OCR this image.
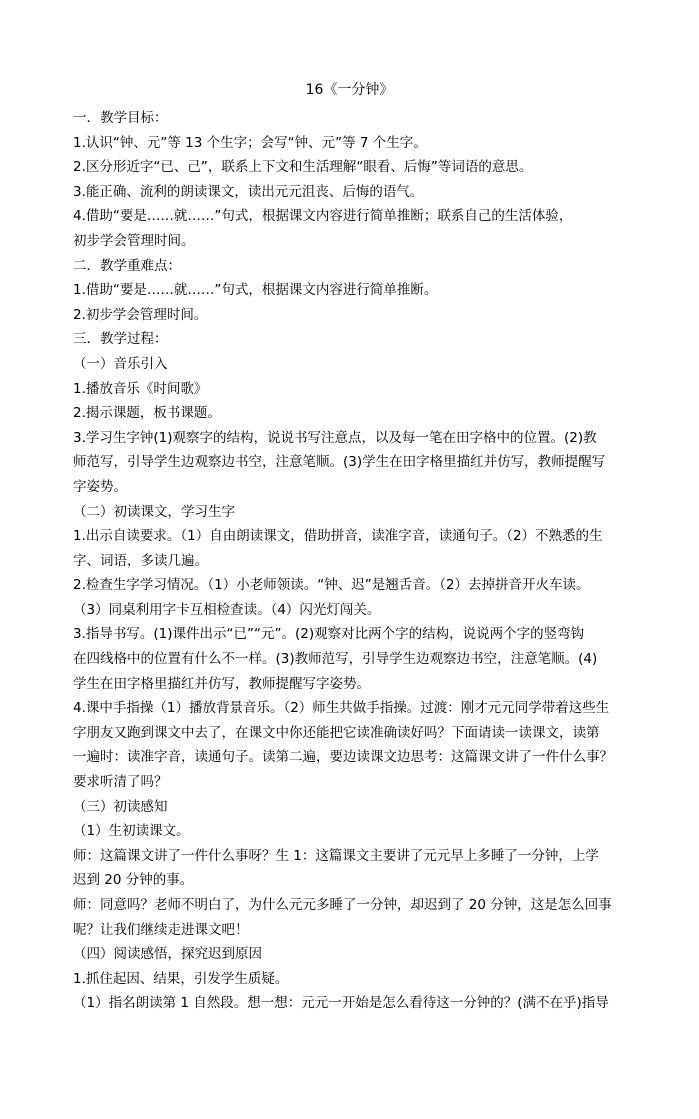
16《一分钟》
一．教学目标：
1.认识“钟、元”等 13 个生字；会写“钟、元”等 7 个生字。
2.区分形近字“已、己”，联系上下文和生活理解“眼看、后悔”等词语的意思。
3.能正确、流利的朗读课文，读出元元沮丧、后悔的语气。
4.借助“要是……就……”句式，根据课文内容进行简单推断；联系自己的生活体验，
初步学会管理时间。
二．教学重难点：
1.借助“要是……就……”句式，根据课文内容进行简单推断。
2.初步学会管理时间。
三．教学过程：
（一）音乐引入
1.播放音乐《时间歌》
2.揭示课题，板书课题。
3.学习生字钟(1)观察字的结构，说说书写注意点，以及每一笔在田字格中的位置。(2)教
师范写，引导学生边观察边书空，注意笔顺。(3)学生在田字格里描红并仿写，教师提醒写
字姿势。
（二）初读课文，学习生字
1.出示自读要求。（1）自由朗读课文，借助拼音，读准字音，读通句子。（2）不熟悉的生
字、词语，多读几遍。
2.检查生字学习情况。（1）小老师领读。“钟、迟”是翘舌音。（2）去掉拼音开火车读。
（3）同桌利用字卡互相检查读。（4）闪光灯闯关。
3.指导书写。(1)课件出示“已”“元”。(2)观察对比两个字的结构，说说两个字的竖弯钩
在四线格中的位置有什么不一样。(3)教师范写，引导学生边观察边书空，注意笔顺。(4)
学生在田字格里描红并仿写，教师提醒写字姿势。
4.课中手指操（1）播放背景音乐。（2）师生共做手指操。过渡：刚才元元同学带着这些生
字朋友又跑到课文中去了，在课文中你还能把它读准确读好吗？下面请读一读课文，读第
一遍时：读准字音，读通句子。读第二遍，要边读课文边思考：这篇课文讲了一件什么事？
要求听清了吗？
（三）初读感知
（1）生初读课文。
师：这篇课文讲了一件什么事呀？生 1：这篇课文主要讲了元元早上多睡了一分钟，上学
迟到 20 分钟的事。
师：同意吗？老师不明白了，为什么元元多睡了一分钟，却迟到了 20 分钟，这是怎么回事
呢？让我们继续走进课文吧！
（四）阅读感悟，探究迟到原因
1.抓住起因、结果，引发学生质疑。
（1）指名朗读第 1 自然段。想一想：元元一开始是怎么看待这一分钟的？(满不在乎)指导
